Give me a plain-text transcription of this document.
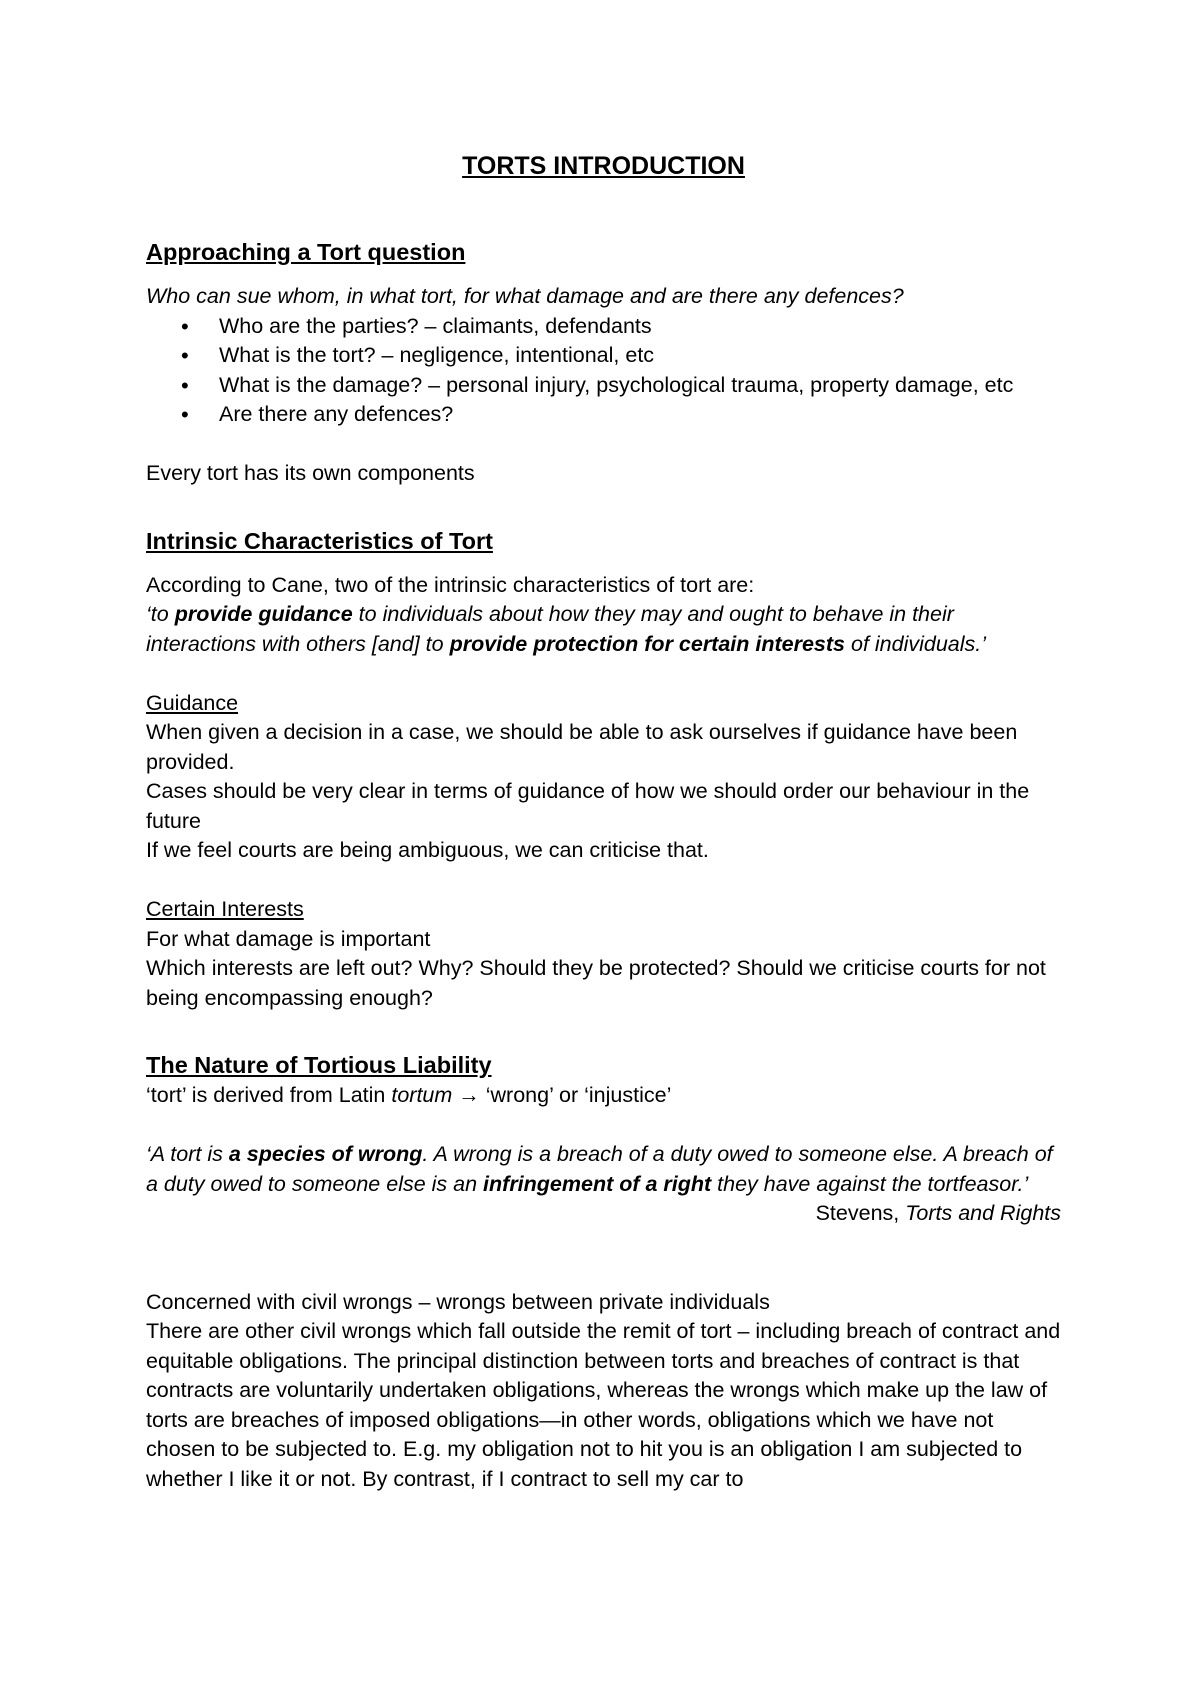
TORTS INTRODUCTION
Approaching a Tort question

Who can sue whom, in what tort, for what damage and are there any defences?

• Who are the parties? – claimants, defendants
• What is the tort? – negligence, intentional, etc
• What is the damage? – personal injury, psychological trauma, property damage, etc
• Are there any defences?

Every tort has its own components

Intrinsic Characteristics of Tort

According to Cane, two of the intrinsic characteristics of tort are:

‘to provide guidance to individuals about how they may and ought to behave in their interactions with others [and] to provide protection for certain interests of individuals.’

Guidance

When given a decision in a case, we should be able to ask ourselves if guidance have been provided.

Cases should be very clear in terms of guidance of how we should order our behaviour in the future

If we feel courts are being ambiguous, we can criticise that.

Certain Interests

For what damage is important

Which interests are left out? Why? Should they be protected? Should we criticise courts for not being encompassing enough?

The Nature of Tortious Liability

‘tort’ is derived from Latin tortum → ‘wrong’ or ‘injustice’

‘A tort is a species of wrong. A wrong is a breach of a duty owed to someone else. A breach of a duty owed to someone else is an infringement of a right they have against the tortfeasor.’

Stevens, Torts and Rights

Concerned with civil wrongs – wrongs between private individuals

There are other civil wrongs which fall outside the remit of tort – including breach of contract and equitable obligations. The principal distinction between torts and breaches of contract is that contracts are voluntarily undertaken obligations, whereas the wrongs which make up the law of torts are breaches of imposed obligations—in other words, obligations which we have not chosen to be subjected to. E.g. my obligation not to hit you is an obligation I am subjected to whether I like it or not. By contrast, if I contract to sell my car to
